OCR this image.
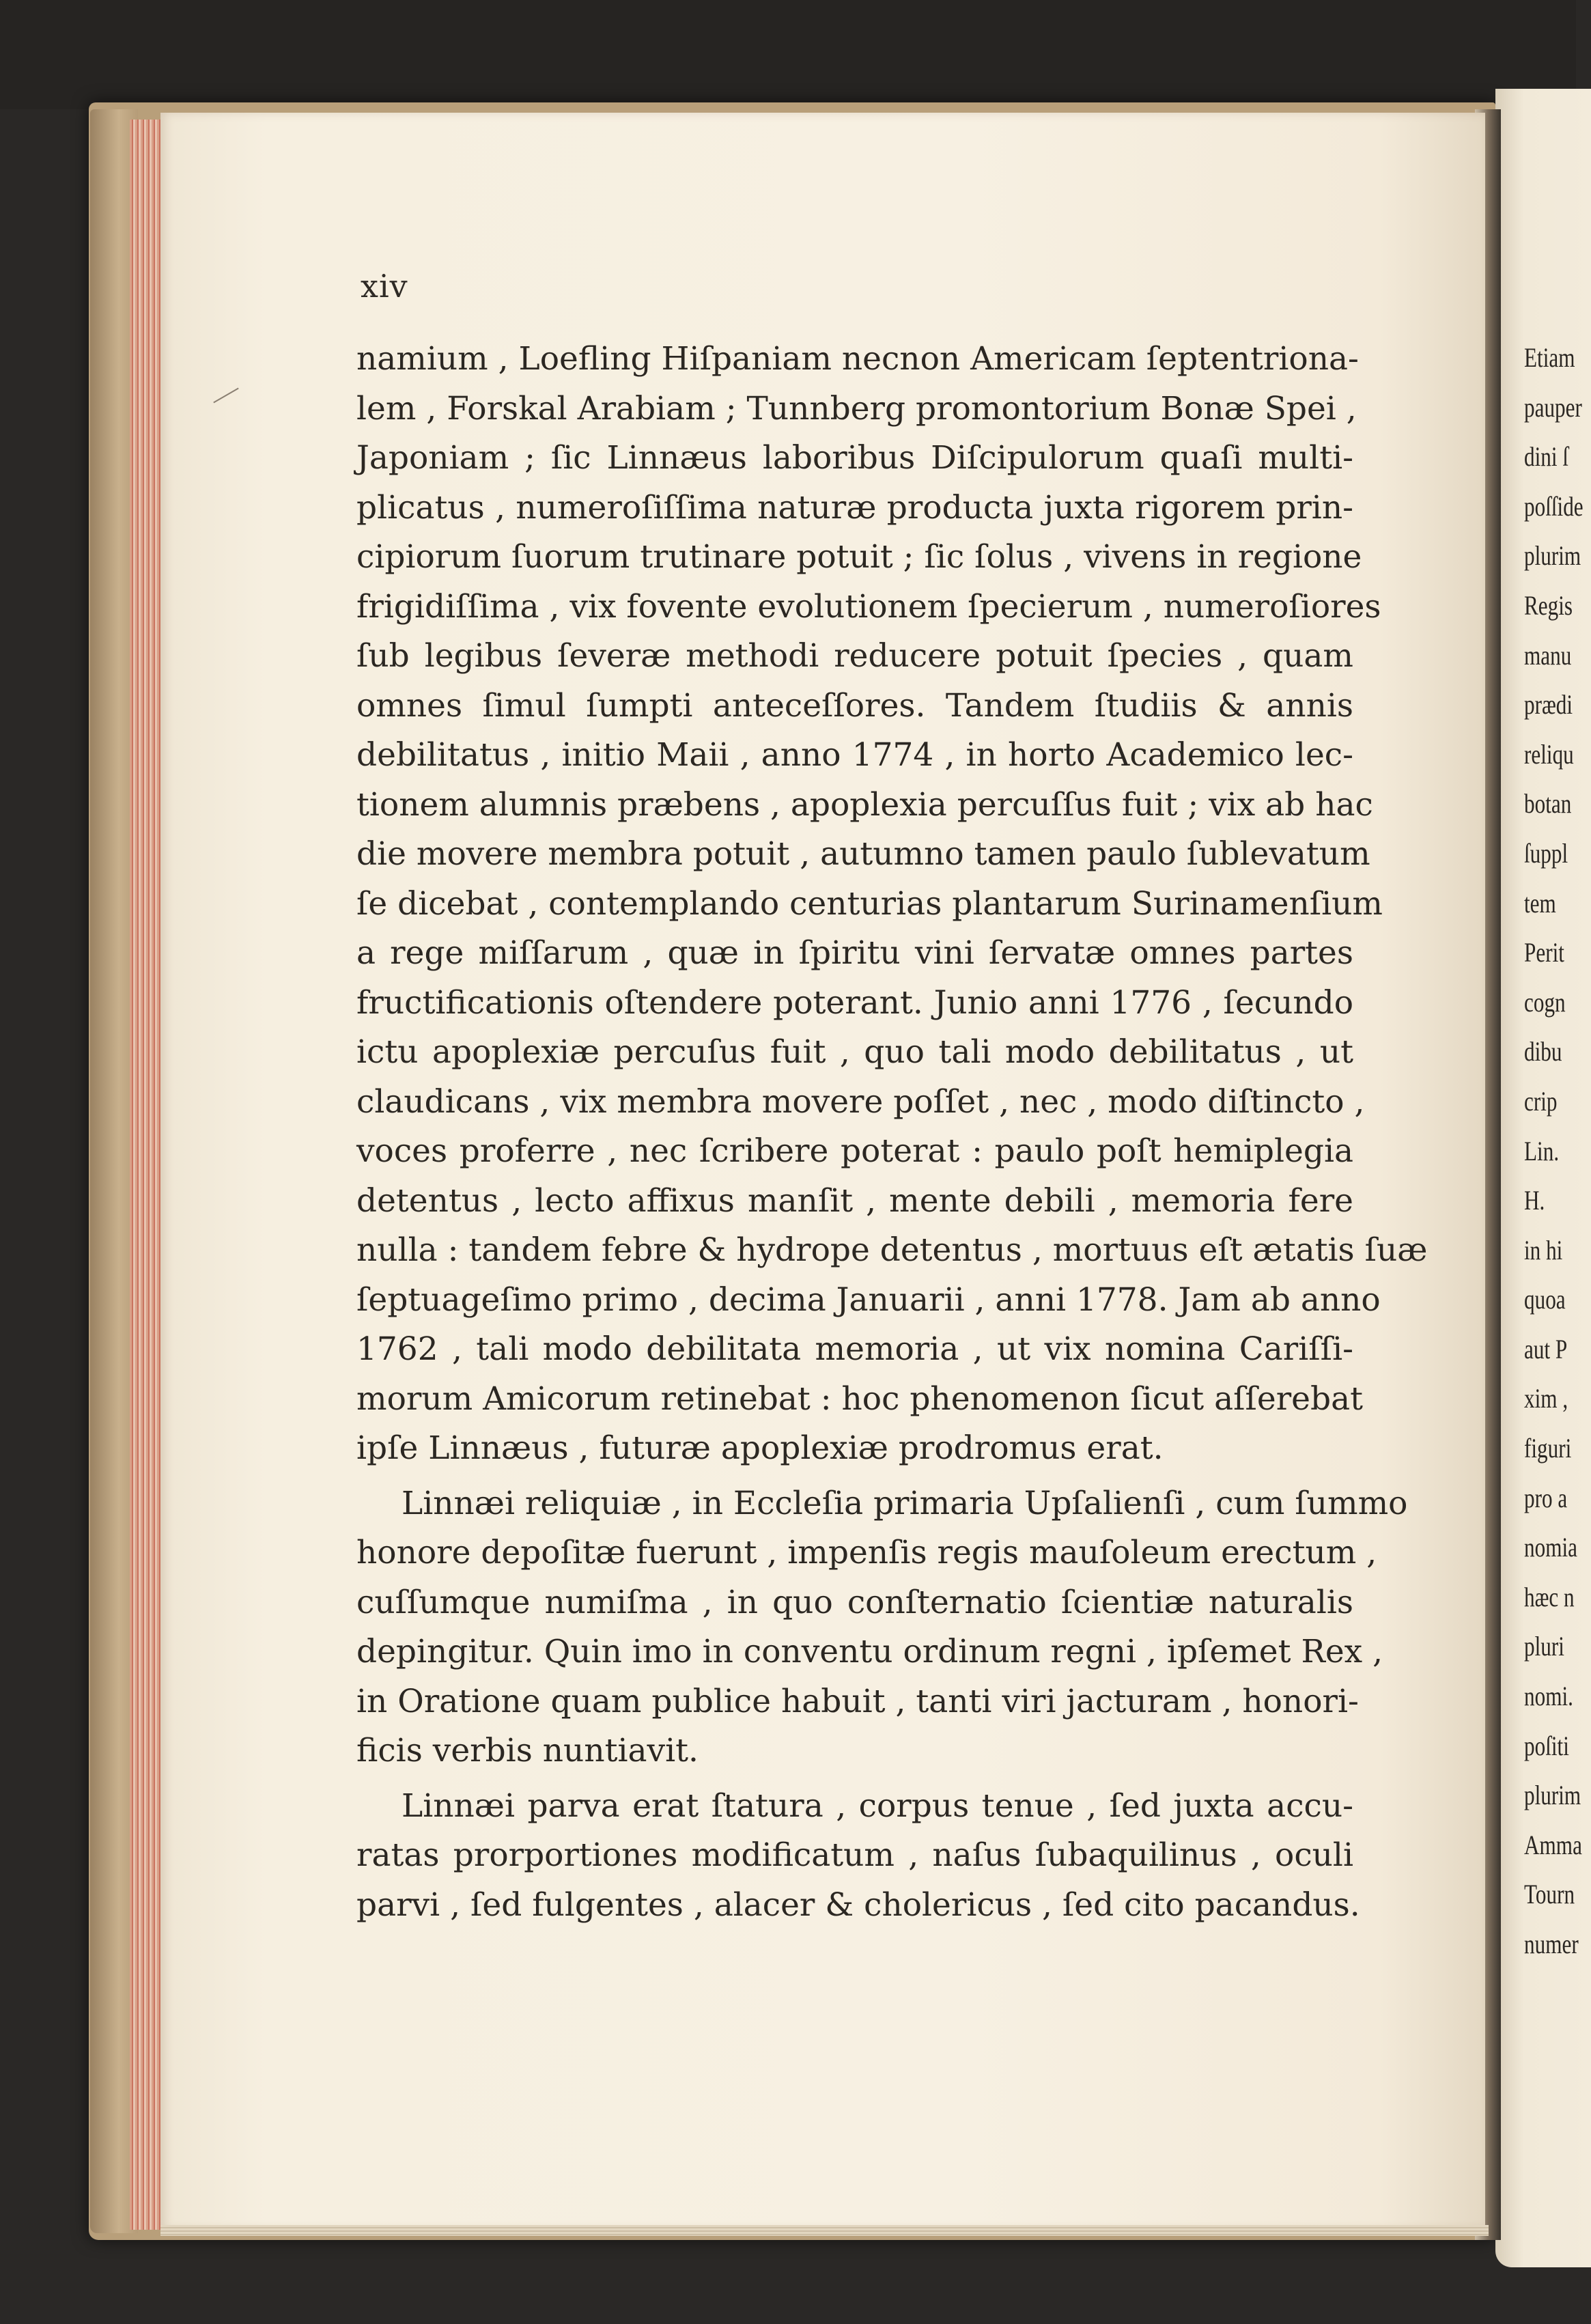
xiv
namium , Loefling Hiſpaniam necnon Americam ſeptentriona-
lem , Forskal Arabiam ; Tunnberg promontorium Bonæ Spei ,
Japoniam ; ſic Linnæus laboribus Diſcipulorum quaſi multi-
plicatus , numeroſiſſima naturæ producta juxta rigorem prin-
cipiorum ſuorum trutinare potuit ; ſic ſolus , vivens in regione
frigidiſſima , vix fovente evolutionem ſpecierum , numeroſiores
ſub legibus ſeveræ methodi reducere potuit ſpecies , quam
omnes ſimul ſumpti anteceſſores. Tandem ſtudiis & annis
debilitatus , initio Maii , anno 1774 , in horto Academico lec-
tionem alumnis præbens , apoplexia percuſſus fuit ; vix ab hac
die movere membra potuit , autumno tamen paulo ſublevatum
ſe dicebat , contemplando centurias plantarum Surinamenſium
a rege miſſarum , quæ in ſpiritu vini ſervatæ omnes partes
fructificationis oſtendere poterant. Junio anni 1776 , ſecundo
ictu apoplexiæ percuſus fuit , quo tali modo debilitatus , ut
claudicans , vix membra movere poſſet , nec , modo diſtincto ,
voces proferre , nec ſcribere poterat : paulo poſt hemiplegia
detentus , lecto affixus manſit , mente debili , memoria fere
nulla : tandem febre & hydrope detentus , mortuus eſt ætatis ſuæ
ſeptuageſimo primo , decima Januarii , anni 1778. Jam ab anno
1762 , tali modo debilitata memoria , ut vix nomina Cariſſi-
morum Amicorum retinebat : hoc phenomenon ſicut aſſerebat
ipſe Linnæus , futuræ apoplexiæ prodromus erat.
Linnæi reliquiæ , in Eccleſia primaria Upſalienſi , cum ſummo
honore depoſitæ fuerunt , impenſis regis mauſoleum erectum ,
cuſſumque numiſma , in quo conſternatio ſcientiæ naturalis
depingitur. Quin imo in conventu ordinum regni , ipſemet Rex ,
in Oratione quam publice habuit , tanti viri jacturam , honori-
ficis verbis nuntiavit.
Linnæi parva erat ſtatura , corpus tenue , ſed juxta accu-
ratas prorportiones modificatum , naſus ſubaquilinus , oculi
parvi , ſed fulgentes , alacer & cholericus , ſed cito pacandus.
Etiam
pauper
dini ſ
poſſide
plurim
Regis
manu
prædi
reliqu
botan
ſuppl
tem
Perit
cogn
dibu
crip
Lin.
H.
in hi
quoa
aut P
xim ,
figuri
pro a
nomia
hæc n
pluri
nomi.
poſiti
plurim
Amma
Tourn
numer
